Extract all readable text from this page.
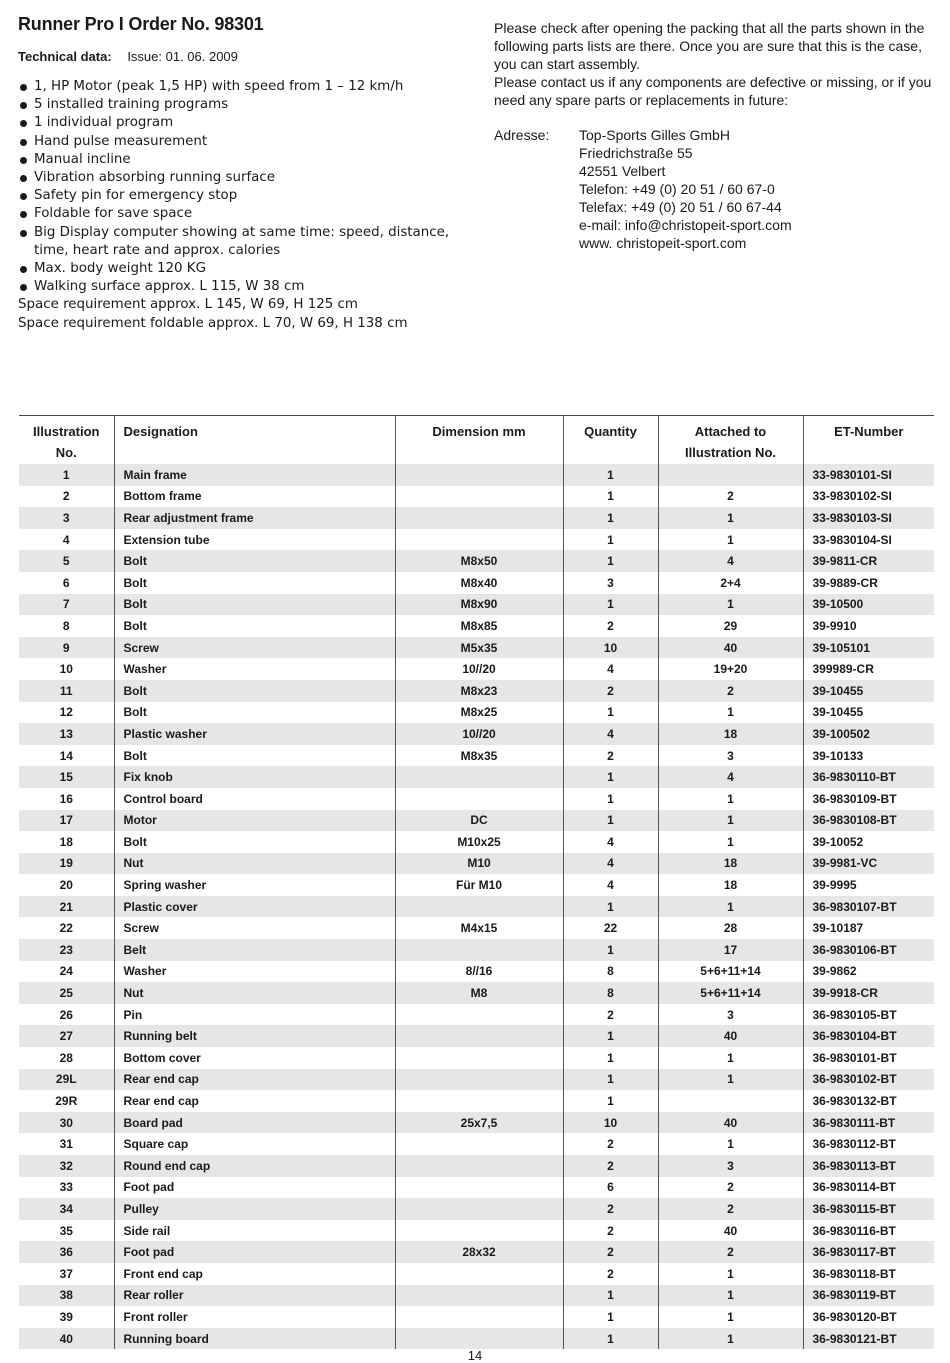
Runner Pro I Order No. 98301
Technical data: Issue: 01. 06. 2009
1, HP Motor (peak 1,5 HP) with speed from 1 – 12 km/h
5 installed training programs
1 individual program
Hand pulse measurement
Manual incline
Vibration absorbing running surface
Safety pin for emergency stop
Foldable for save space
Big Display computer showing at same time: speed, distance, time, heart rate and approx. calories
Max. body weight 120 KG
Walking surface approx. L 115, W 38 cm
Space requirement approx. L 145, W 69, H 125 cm
Space requirement foldable approx. L 70, W 69, H 138 cm

Please check after opening the packing that all the parts shown in the following parts lists are there. Once you are sure that this is the case, you can start assembly.

Please contact us if any components are defective or missing, or if you need any spare parts or replacements in future:

Adresse:	Top-Sports Gilles GmbH
Friedrichstraße 55
42551 Velbert
Telefon: +49 (0) 20 51 / 60 67-0
Telefax: +49 (0) 20 51 / 60 67-44
e-mail: info@christopeit-sport.com
www. christopeit-sport.com
Illustration No.	Designation	Dimension mm	Quantity	Attached to Illustration No.	ET-Number
1	Main frame		1		33-9830101-SI
2	Bottom frame		1	2	33-9830102-SI
3	Rear adjustment frame		1	1	33-9830103-SI
4	Extension tube		1	1	33-9830104-SI
5	Bolt	M8x50	1	4	39-9811-CR
6	Bolt	M8x40	3	2+4	39-9889-CR
7	Bolt	M8x90	1	1	39-10500
8	Bolt	M8x85	2	29	39-9910
9	Screw	M5x35	10	40	39-105101
10	Washer	10//20	4	19+20	399989-CR
11	Bolt	M8x23	2	2	39-10455
12	Bolt	M8x25	1	1	39-10455
13	Plastic washer	10//20	4	18	39-100502
14	Bolt	M8x35	2	3	39-10133
15	Fix knob		1	4	36-9830110-BT
16	Control board		1	1	36-9830109-BT
17	Motor	DC	1	1	36-9830108-BT
18	Bolt	M10x25	4	1	39-10052
19	Nut	M10	4	18	39-9981-VC
20	Spring washer	Für M10	4	18	39-9995
21	Plastic cover		1	1	36-9830107-BT
22	Screw	M4x15	22	28	39-10187
23	Belt		1	17	36-9830106-BT
24	Washer	8//16	8	5+6+11+14	39-9862
25	Nut	M8	8	5+6+11+14	39-9918-CR
26	Pin		2	3	36-9830105-BT
27	Running belt		1	40	36-9830104-BT
28	Bottom cover		1	1	36-9830101-BT
29L	Rear end cap		1	1	36-9830102-BT
29R	Rear end cap		1		36-9830132-BT
30	Board pad	25x7,5	10	40	36-9830111-BT
31	Square cap		2	1	36-9830112-BT
32	Round end cap		2	3	36-9830113-BT
33	Foot pad		6	2	36-9830114-BT
34	Pulley		2	2	36-9830115-BT
35	Side rail		2	40	36-9830116-BT
36	Foot pad	28x32	2	2	36-9830117-BT
37	Front end cap		2	1	36-9830118-BT
38	Rear roller		1	1	36-9830119-BT
39	Front roller		1	1	36-9830120-BT
40	Running board		1	1	36-9830121-BT
14
